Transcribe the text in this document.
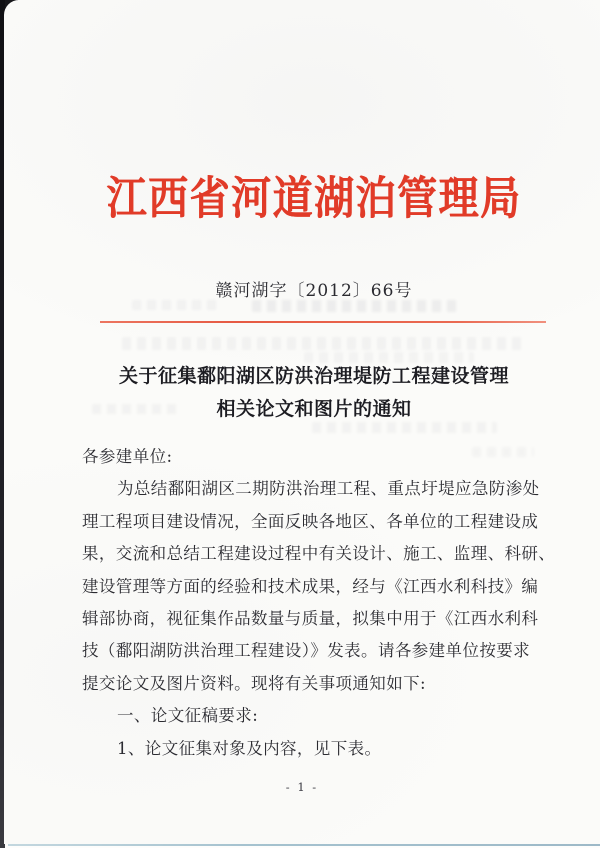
江西省河道湖泊管理局
赣河湖字〔2012〕66号
关于征集鄱阳湖区防洪治理堤防工程建设管理
相关论文和图片的通知
各参建单位:
为总结鄱阳湖区二期防洪治理工程、重点圩堤应急防渗处
理工程项目建设情况，全面反映各地区、各单位的工程建设成
果，交流和总结工程建设过程中有关设计、施工、监理、科研、
建设管理等方面的经验和技术成果，经与《江西水利科技》编
辑部协商，视征集作品数量与质量，拟集中用于《江西水利科
技（鄱阳湖防洪治理工程建设）》发表。请各参建单位按要求
提交论文及图片资料。现将有关事项通知如下:
一、论文征稿要求:
1、论文征集对象及内容，见下表。
- 1 -
